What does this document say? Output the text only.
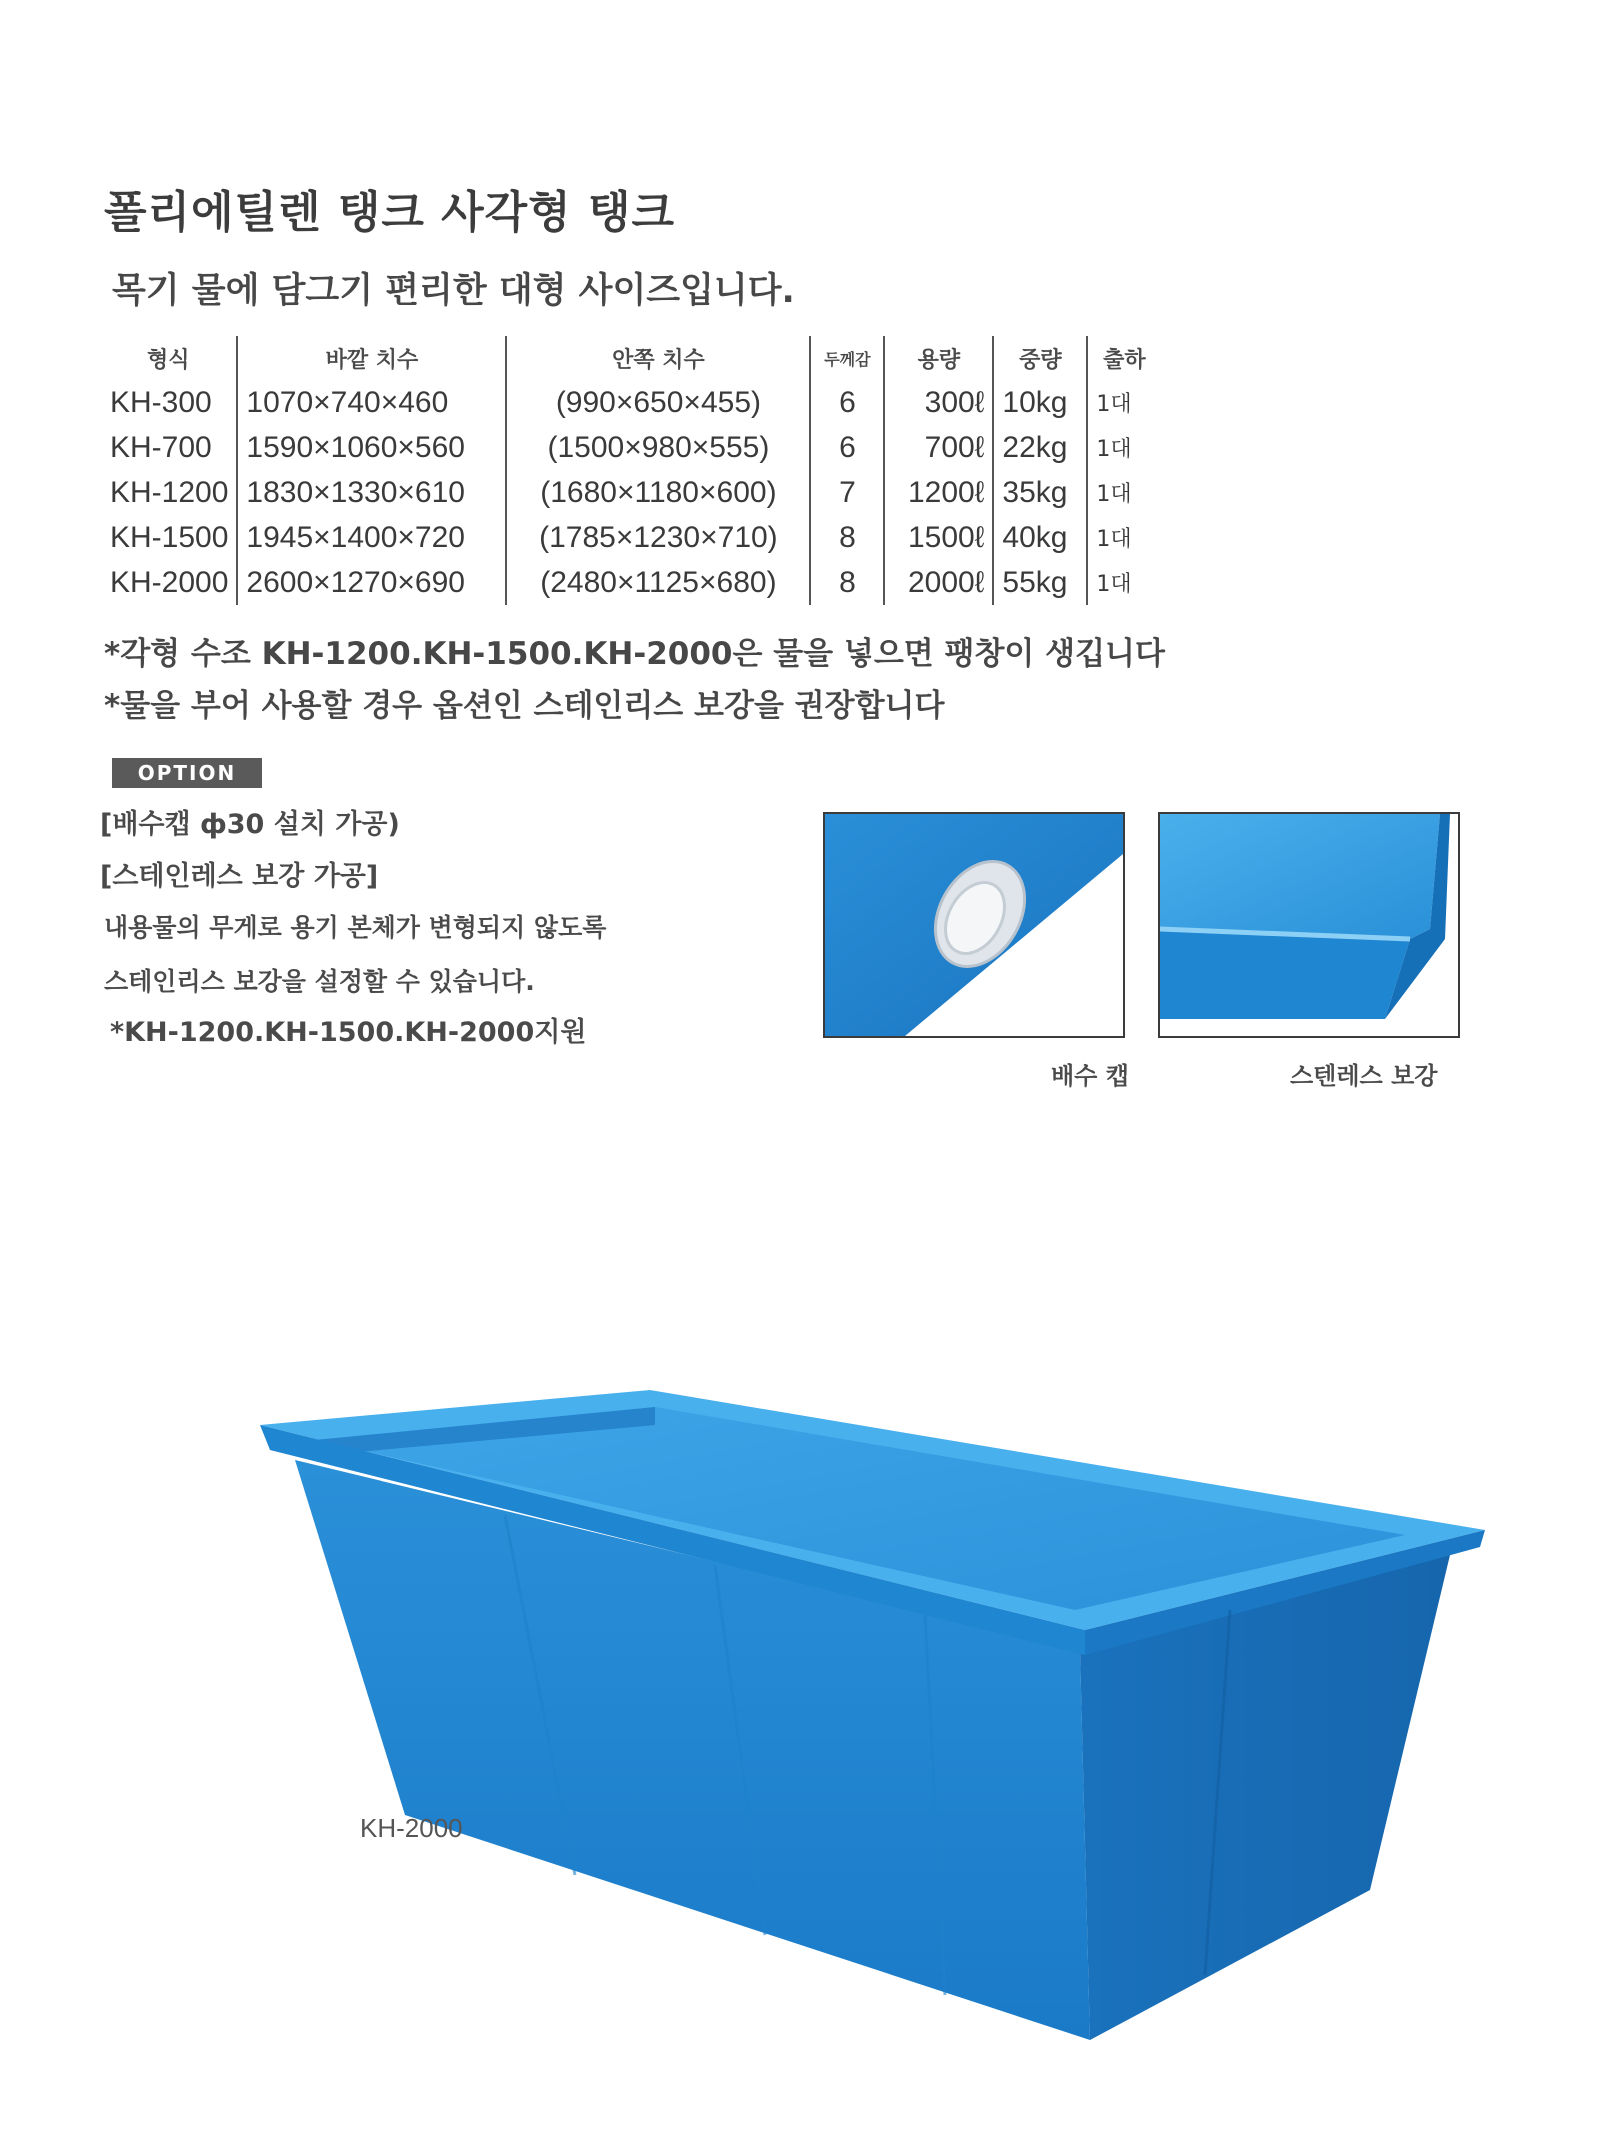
폴리에틸렌 탱크 사각형 탱크
목기 물에 담그기 편리한 대형 사이즈입니다.
형식	바깥 치수	안쪽 치수	두께감	용량	중량	출하
KH-300	1070×740×460	(990×650×455)	6	300ℓ	10kg	1대
KH-700	1590×1060×560	(1500×980×555)	6	700ℓ	22kg	1대
KH-1200	1830×1330×610	(1680×1180×600)	7	1200ℓ	35kg	1대
KH-1500	1945×1400×720	(1785×1230×710)	8	1500ℓ	40kg	1대
KH-2000	2600×1270×690	(2480×1125×680)	8	2000ℓ	55kg	1대
*각형 수조 KH-1200.KH-1500.KH-2000은 물을 넣으면 팽창이 생깁니다
*물을 부어 사용할 경우 옵션인 스테인리스 보강을 권장합니다
OPTION
[배수캡 ф30 설치 가공)
[스테인레스 보강 가공]
내용물의 무게로 용기 본체가 변형되지 않도록
스테인리스 보강을 설정할 수 있습니다.
*KH-1200.KH-1500.KH-2000지원
배수 캡	스텐레스 보강
KH-2000
